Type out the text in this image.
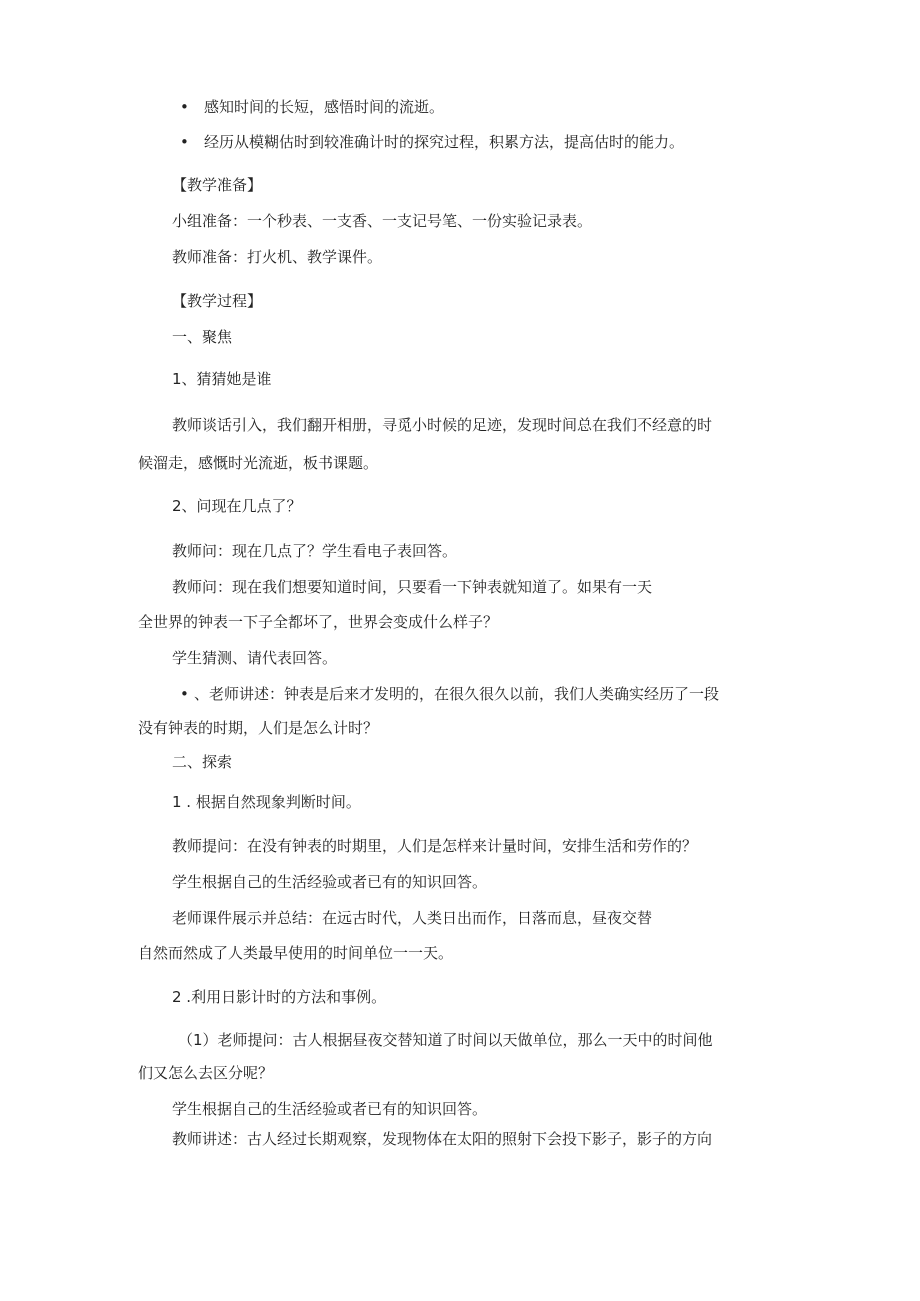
• 感知时间的长短，感悟时间的流逝。
• 经历从模糊估时到较准确计时的探究过程，积累方法，提高估时的能力。
【教学准备】
小组准备：一个秒表、一支香、一支记号笔、一份实验记录表。
教师准备：打火机、教学课件。
【教学过程】
一、聚焦
1、猜猜她是谁
教师谈话引入，我们翻开相册，寻觅小时候的足迹，发现时间总在我们不经意的时
候溜走，感慨时光流逝，板书课题。
2、问现在几点了？
教师问：现在几点了？学生看电子表回答。
教师问：现在我们想要知道时间，只要看一下钟表就知道了。如果有一天
全世界的钟表一下子全都坏了，世界会变成什么样子？
学生猜测、请代表回答。
• 、老师讲述：钟表是后来才发明的，在很久很久以前，我们人类确实经历了一段
没有钟表的时期，人们是怎么计时？
二、探索
1 . 根据自然现象判断时间。
教师提问：在没有钟表的时期里，人们是怎样来计量时间，安排生活和劳作的？
学生根据自己的生活经验或者已有的知识回答。
老师课件展示并总结：在远古时代，人类日出而作，日落而息，昼夜交替
自然而然成了人类最早使用的时间单位一一天。
2 .利用日影计时的方法和事例。
（1）老师提问：古人根据昼夜交替知道了时间以天做单位，那么一天中的时间他
们又怎么去区分呢？
学生根据自己的生活经验或者已有的知识回答。
教师讲述：古人经过长期观察，发现物体在太阳的照射下会投下影子，影子的方向
